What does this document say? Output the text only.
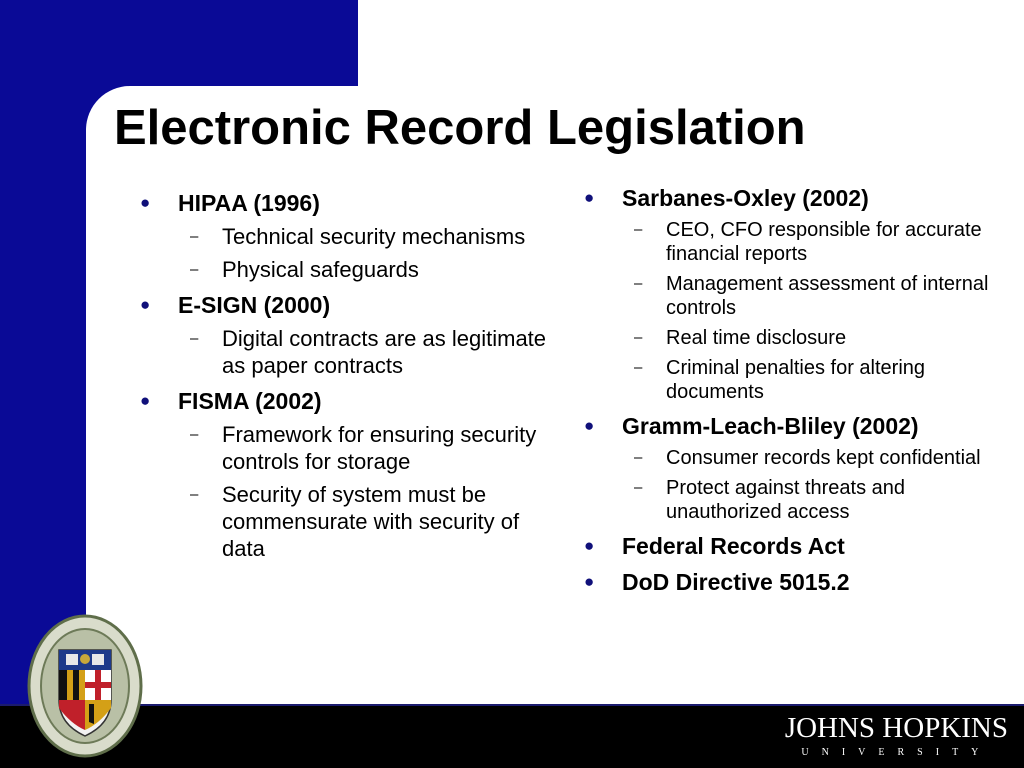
Electronic Record Legislation
● HIPAA (1996)
– Technical security mechanisms
– Physical safeguards
● E-SIGN (2000)
– Digital contracts are as legitimate as paper contracts
● FISMA (2002)
– Framework for ensuring security controls for storage
– Security of system must be commensurate with security of data
● Sarbanes-Oxley (2002)
– CEO, CFO responsible for accurate financial reports
– Management assessment of internal controls
– Real time disclosure
– Criminal penalties for altering documents
● Gramm-Leach-Bliley (2002)
– Consumer records kept confidential
– Protect against threats and unauthorized access
● Federal Records Act
● DoD Directive 5015.2
JOHNS HOPKINS
UNIVERSITY
